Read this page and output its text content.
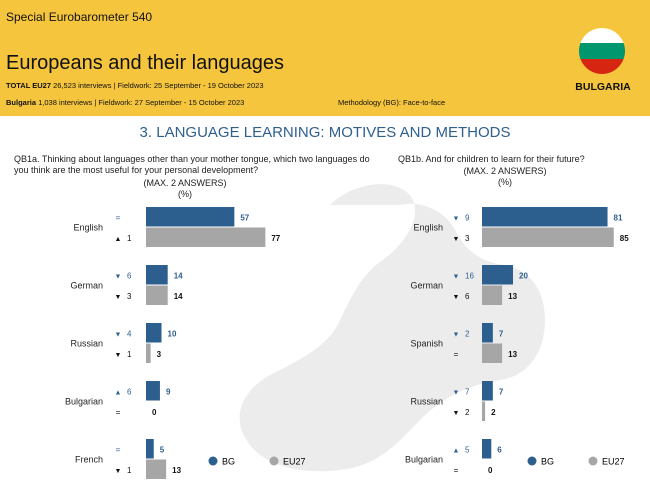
Special Eurobarometer 540
Europeans and their languages
TOTAL EU27 26,523 interviews | Fieldwork: 25 September - 19 October 2023
Bulgaria 1,038 interviews | Fieldwork: 27 September - 15 October 2023	Methodology (BG): Face-to-face
BULGARIA
3. LANGUAGE LEARNING: MOTIVES AND METHODS
QB1a. Thinking about languages other than your mother tongue, which two languages do you think are the most useful for your personal development?
(MAX. 2 ANSWERS)
(%)
QB1b. And for children to learn for their future?
(MAX. 2 ANSWERS)
(%)
English
57
=
77
▲ 1
German
14
▼ 6
14
▼ 3
Russian
10
▼ 4
3
▼ 1
Bulgarian
9
▲ 6
0
=
French
5
=
13
▼ 1
English
81
▼ 9
85
▼ 3
German
20
▼ 16
13
▼ 6
Spanish
7
▼ 2
13
=
Russian
7
▼ 7
2
▼ 2
Bulgarian
6
▲ 5
0
=
BG	EU27	BG	EU27
